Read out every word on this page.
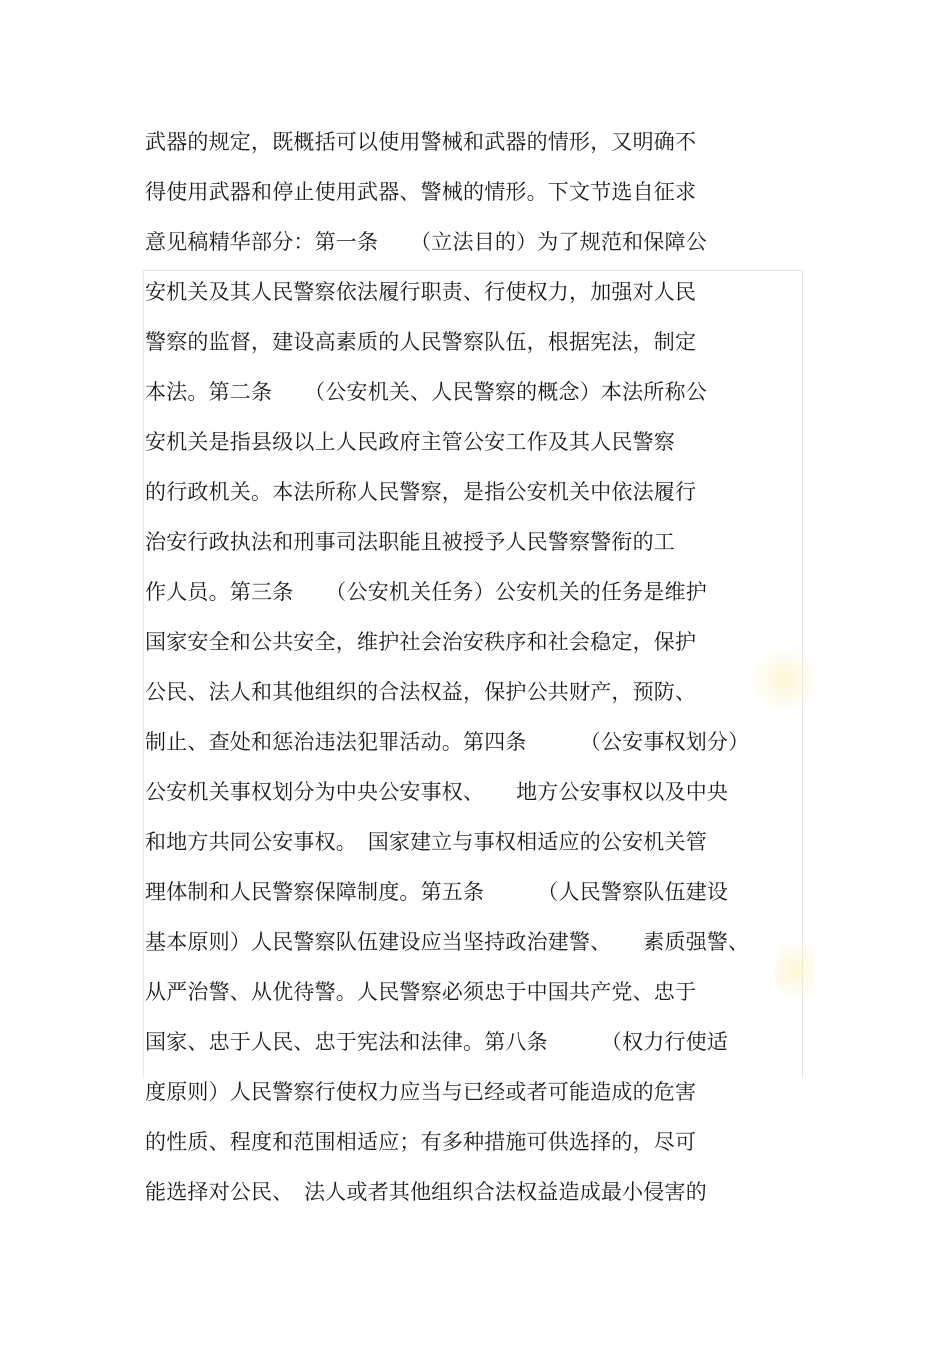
武器的规定，既概括可以使用警械和武器的情形，又明确不
得使用武器和停止使用武器、警械的情形。下文节选自征求
意见稿精华部分：第一条　　（立法目的）为了规范和保障公
安机关及其人民警察依法履行职责、行使权力，加强对人民
警察的监督，建设高素质的人民警察队伍，根据宪法，制定
本法。第二条　　（公安机关、人民警察的概念）本法所称公
安机关是指县级以上人民政府主管公安工作及其人民警察
的行政机关。本法所称人民警察，是指公安机关中依法履行
治安行政执法和刑事司法职能且被授予人民警察警衔的工
作人员。第三条　　（公安机关任务）公安机关的任务是维护
国家安全和公共安全，维护社会治安秩序和社会稳定，保护
公民、法人和其他组织的合法权益，保护公共财产，预防、
制止、查处和惩治违法犯罪活动。第四条　　　（公安事权划分）
公安机关事权划分为中央公安事权、　　地方公安事权以及中央
和地方共同公安事权。　国家建立与事权相适应的公安机关管
理体制和人民警察保障制度。第五条　　　（人民警察队伍建设
基本原则）人民警察队伍建设应当坚持政治建警、　　素质强警、
从严治警、从优待警。人民警察必须忠于中国共产党、忠于
国家、忠于人民、忠于宪法和法律。第八条　　　（权力行使适
度原则）人民警察行使权力应当与已经或者可能造成的危害
的性质、程度和范围相适应；有多种措施可供选择的，尽可
能选择对公民、　法人或者其他组织合法权益造成最小侵害的
